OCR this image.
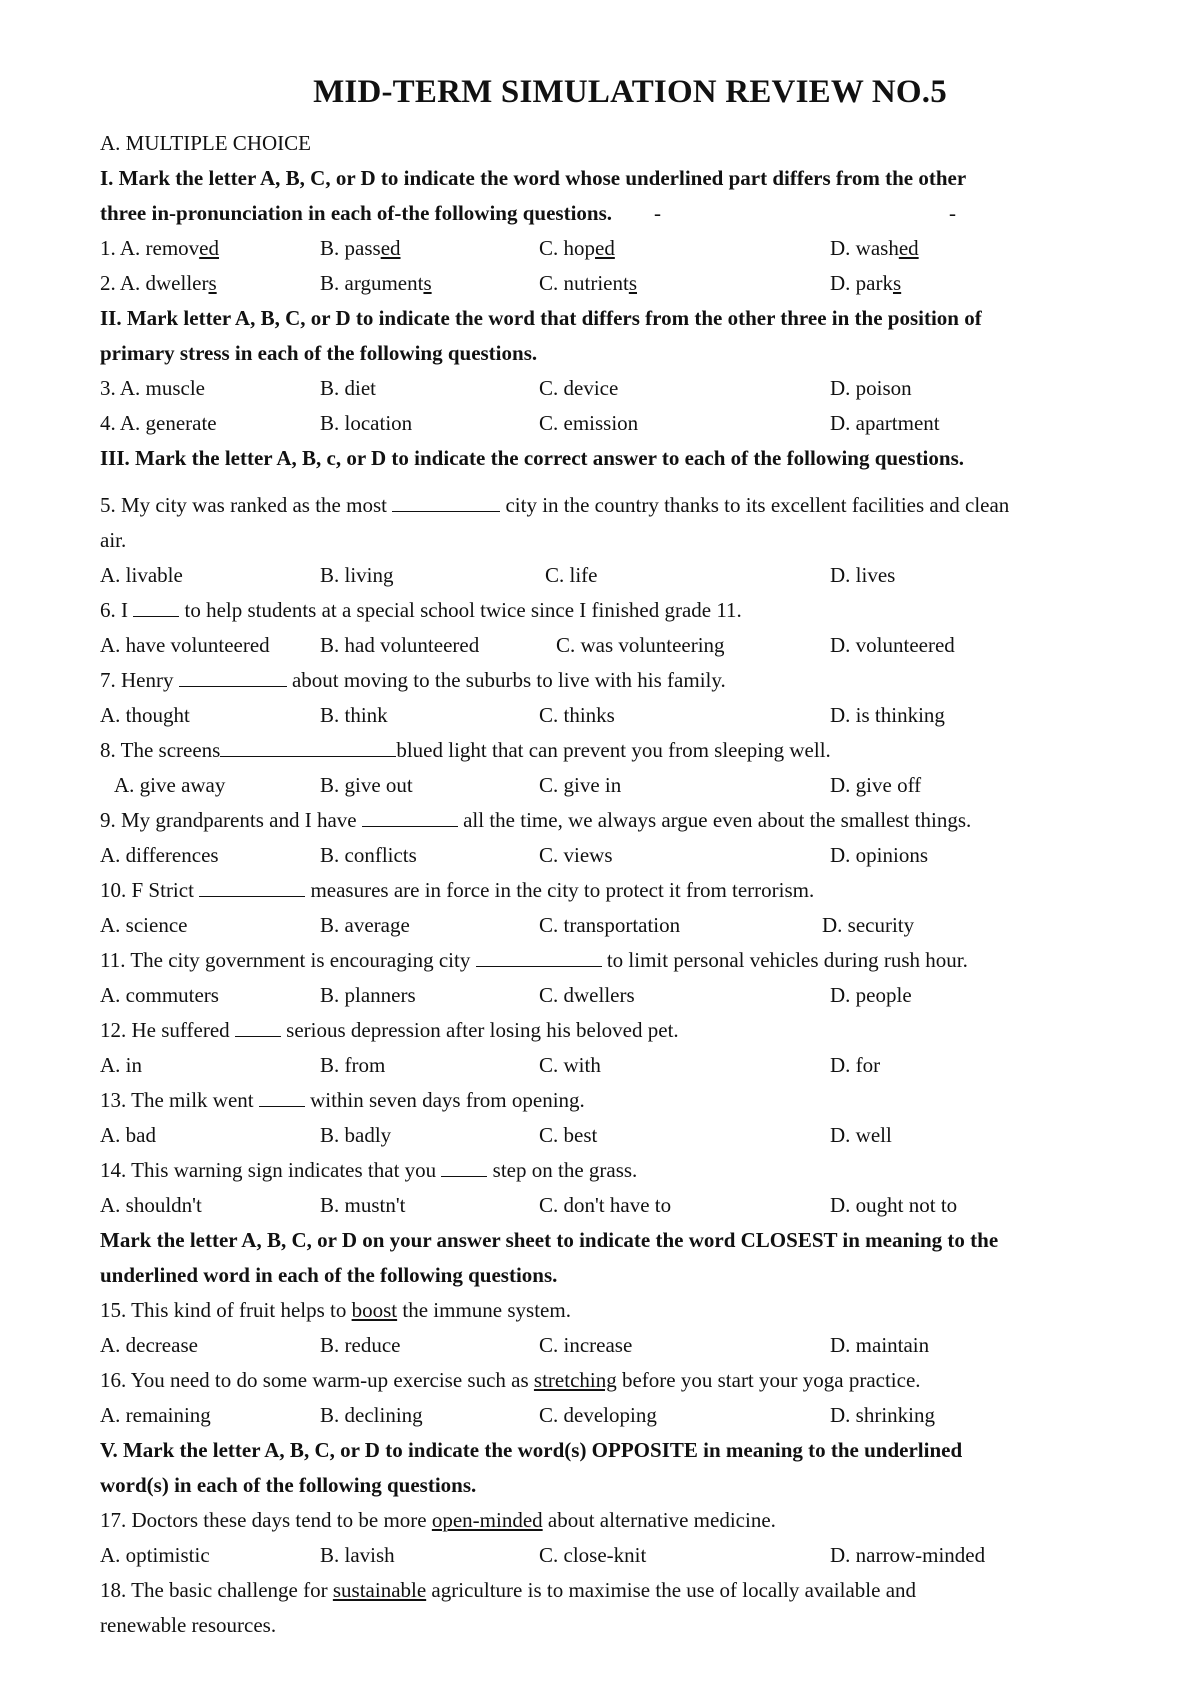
MID-TERM SIMULATION REVIEW NO.5

A. MULTIPLE CHOICE

I. Mark the letter A, B, C, or D to indicate the word whose underlined part differs from the other

three in-pronunciation in each of-the following questions. -	-

1. A. removed	B. passed	C. hoped	D. washed
2. A. dwellers	B. arguments	C. nutrients	D. parks

II. Mark letter A, B, C, or D to indicate the word that differs from the other three in the position of

primary stress in each of the following questions.

3. A. muscle	B. diet	C. device	D. poison
4. A. generate	B. location	C. emission	D. apartment

III. Mark the letter A, B, c, or D to indicate the correct answer to each of the following questions.

5. My city was ranked as the most	city in the country thanks to its excellent facilities and clean

air.

A. livable	B. living	C. life	D. lives

6. I	to help students at a special school twice since I finished grade 11.

A. have volunteered B. had volunteered	C. was volunteering	D. volunteered

7. Henry	about moving to the suburbs to live with his family.

A. thought	B. think	C. thinks	D. is thinking

8. The screens	blued light that can prevent you from sleeping well.

A. give away	B. give out	C. give in	D. give off

9. My grandparents and I have	all the time, we always argue even about the smallest things.

A. differences	B. conflicts	C. views	D. opinions

10. F Strict	measures are in force in the city to protect it from terrorism.

A. science	B. average	C. transportation	D. security

11. The city government is encouraging city	to limit personal vehicles during rush hour.

A. commuters	B. planners	C. dwellers	D. people

12. He suffered	serious depression after losing his beloved pet.

A. in	B. from	C. with	D. for

13. The milk went	within seven days from opening.

A. bad	B. badly	C. best	D. well

14. This warning sign indicates that you	step on the grass.

A. shouldn't	B. mustn't	C. don't have to	D. ought not to

Mark the letter A, B, C, or D on your answer sheet to indicate the word CLOSEST in meaning to the

underlined word in each of the following questions.

15. This kind of fruit helps to boost the immune system.

A. decrease	B. reduce	C. increase	D. maintain

16. You need to do some warm-up exercise such as stretching before you start your yoga practice.

A. remaining	B. declining	C. developing	D. shrinking

V. Mark the letter A, B, C, or D to indicate the word(s) OPPOSITE in meaning to the underlined

word(s) in each of the following questions.

17. Doctors these days tend to be more open-minded about alternative medicine.

A. optimistic	B. lavish	C. close-knit	D. narrow-minded

18. The basic challenge for sustainable agriculture is to maximise the use of locally available and

renewable resources.
